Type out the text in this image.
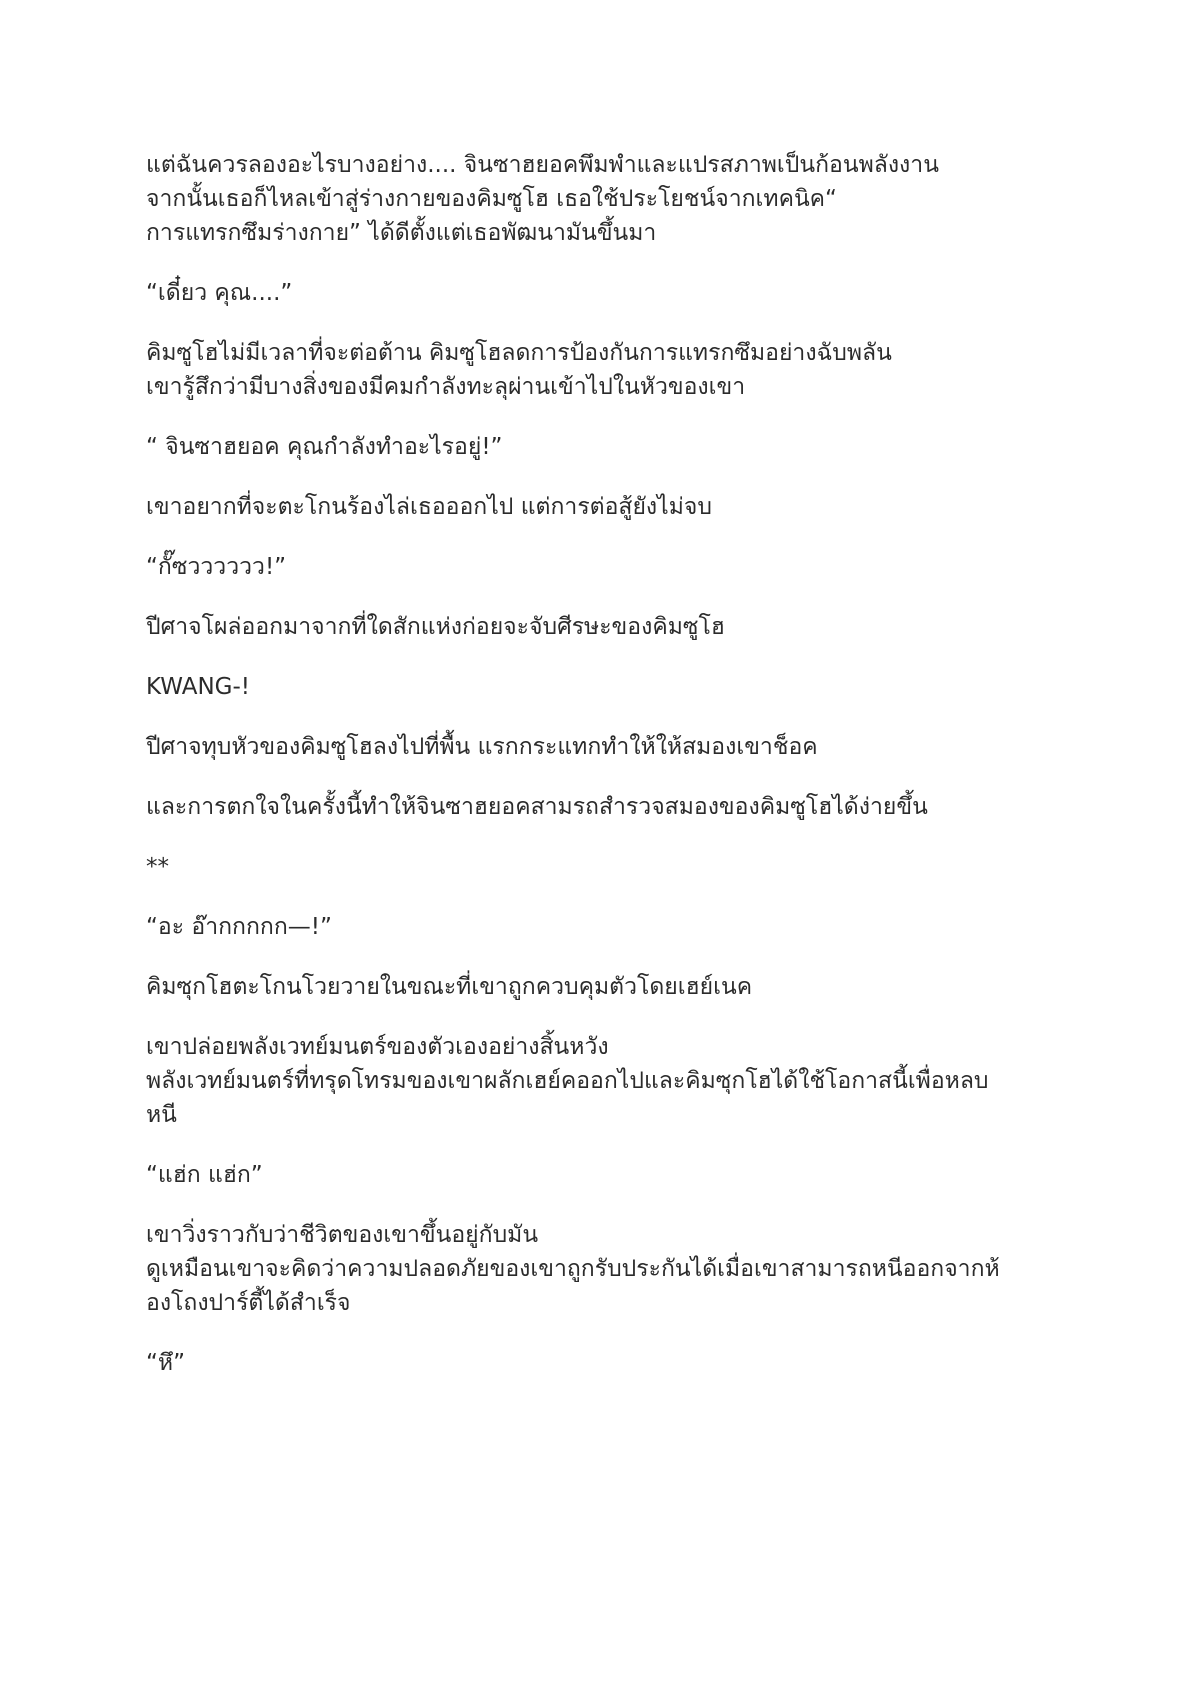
แต่ฉันควรลองอะไรบางอย่าง.... จินซาฮยอคพึมพำและแปรสภาพเป็นก้อนพลังงาน
จากนั้นเธอก็ไหลเข้าสู่ร่างกายของคิมซูโฮ เธอใช้ประโยชน์จากเทคนิค“
การแทรกซึมร่างกาย” ได้ดีตั้งแต่เธอพัฒนามันขึ้นมา

“เดี๋ยว คุณ....”

คิมซูโฮไม่มีเวลาที่จะต่อต้าน คิมซูโฮลดการป้องกันการแทรกซึมอย่างฉับพลัน
เขารู้สึกว่ามีบางสิ่งของมีคมกำลังทะลุผ่านเข้าไปในหัวของเขา

“ จินซาฮยอค คุณกำลังทำอะไรอยู่!”

เขาอยากที่จะตะโกนร้องไล่เธอออกไป แต่การต่อสู้ยังไม่จบ

“กั๊ซวววววว!”

ปีศาจโผล่ออกมาจากที่ใดสักแห่งก่อยจะจับศีรษะของคิมซูโฮ

KWANG-!

ปีศาจทุบหัวของคิมซูโฮลงไปที่พื้น แรกกระแทกทำให้ให้สมองเขาช็อค

และการตกใจในครั้งนี้ทำให้จินซาฮยอคสามรถสำรวจสมองของคิมซูโฮได้ง่ายขึ้น

**

“อะ อ๊ากกกกก—!”

คิมซุกโฮตะโกนโวยวายในขณะที่เขาถูกควบคุมตัวโดยเฮย์เนค

เขาปล่อยพลังเวทย์มนตร์ของตัวเองอย่างสิ้นหวัง
พลังเวทย์มนตร์ที่ทรุดโทรมของเขาผลักเฮย์คออกไปและคิมซุกโฮได้ใช้โอกาสนี้เพื่อหลบ
หนี

“แฮ่ก แฮ่ก”

เขาวิ่งราวกับว่าชีวิตของเขาขึ้นอยู่กับมัน
ดูเหมือนเขาจะคิดว่าความปลอดภัยของเขาถูกรับประกันได้เมื่อเขาสามารถหนีออกจากห้
องโถงปาร์ตี้ได้สำเร็จ

“หึ”
